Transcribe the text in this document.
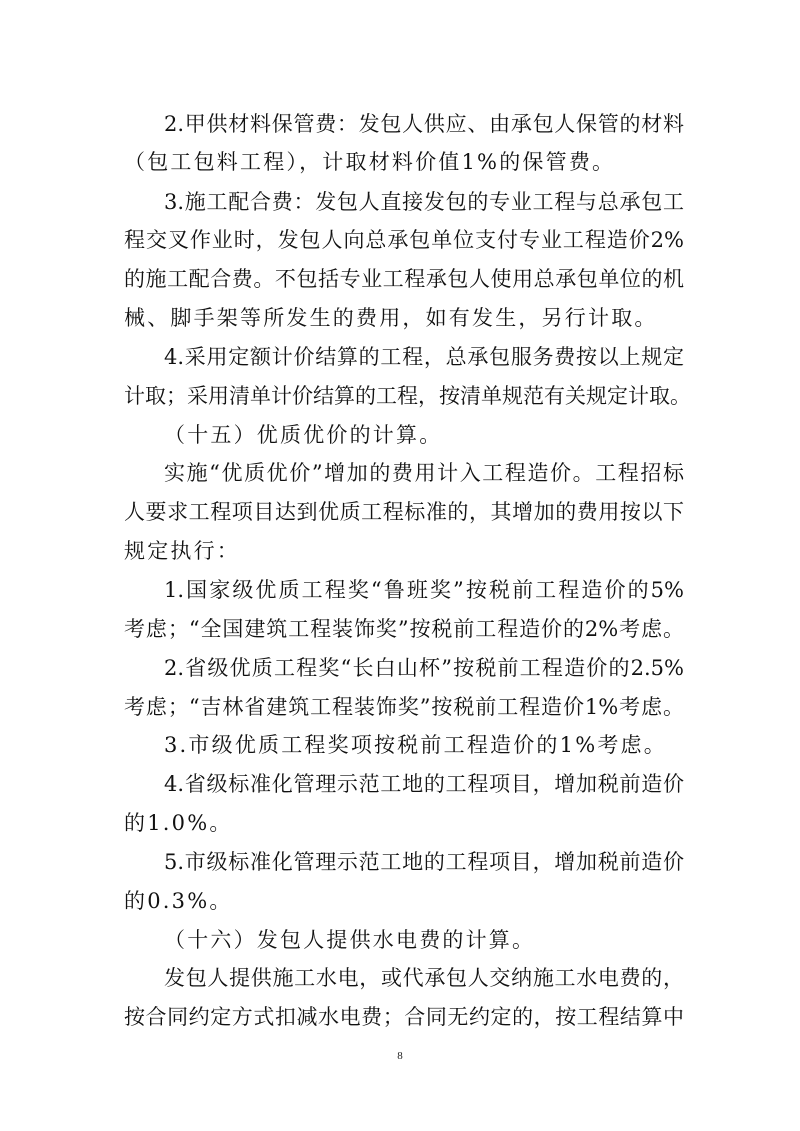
2.甲供材料保管费：发包人供应、由承包人保管的材料
（包工包料工程），计取材料价值1%的保管费。
3.施工配合费：发包人直接发包的专业工程与总承包工
程交叉作业时，发包人向总承包单位支付专业工程造价2%
的施工配合费。不包括专业工程承包人使用总承包单位的机
械、脚手架等所发生的费用，如有发生，另行计取。
4.采用定额计价结算的工程，总承包服务费按以上规定
计取；采用清单计价结算的工程，按清单规范有关规定计取。
（十五）优质优价的计算。
实施“优质优价”增加的费用计入工程造价。工程招标
人要求工程项目达到优质工程标准的，其增加的费用按以下
规定执行：
1.国家级优质工程奖“鲁班奖”按税前工程造价的5%
考虑；“全国建筑工程装饰奖”按税前工程造价的2%考虑。
2.省级优质工程奖“长白山杯”按税前工程造价的2.5%
考虑；“吉林省建筑工程装饰奖”按税前工程造价1%考虑。
3.市级优质工程奖项按税前工程造价的1%考虑。
4.省级标准化管理示范工地的工程项目，增加税前造价
的1.0%。
5.市级标准化管理示范工地的工程项目，增加税前造价
的0.3%。
（十六）发包人提供水电费的计算。
发包人提供施工水电，或代承包人交纳施工水电费的，
按合同约定方式扣减水电费；合同无约定的，按工程结算中
8
